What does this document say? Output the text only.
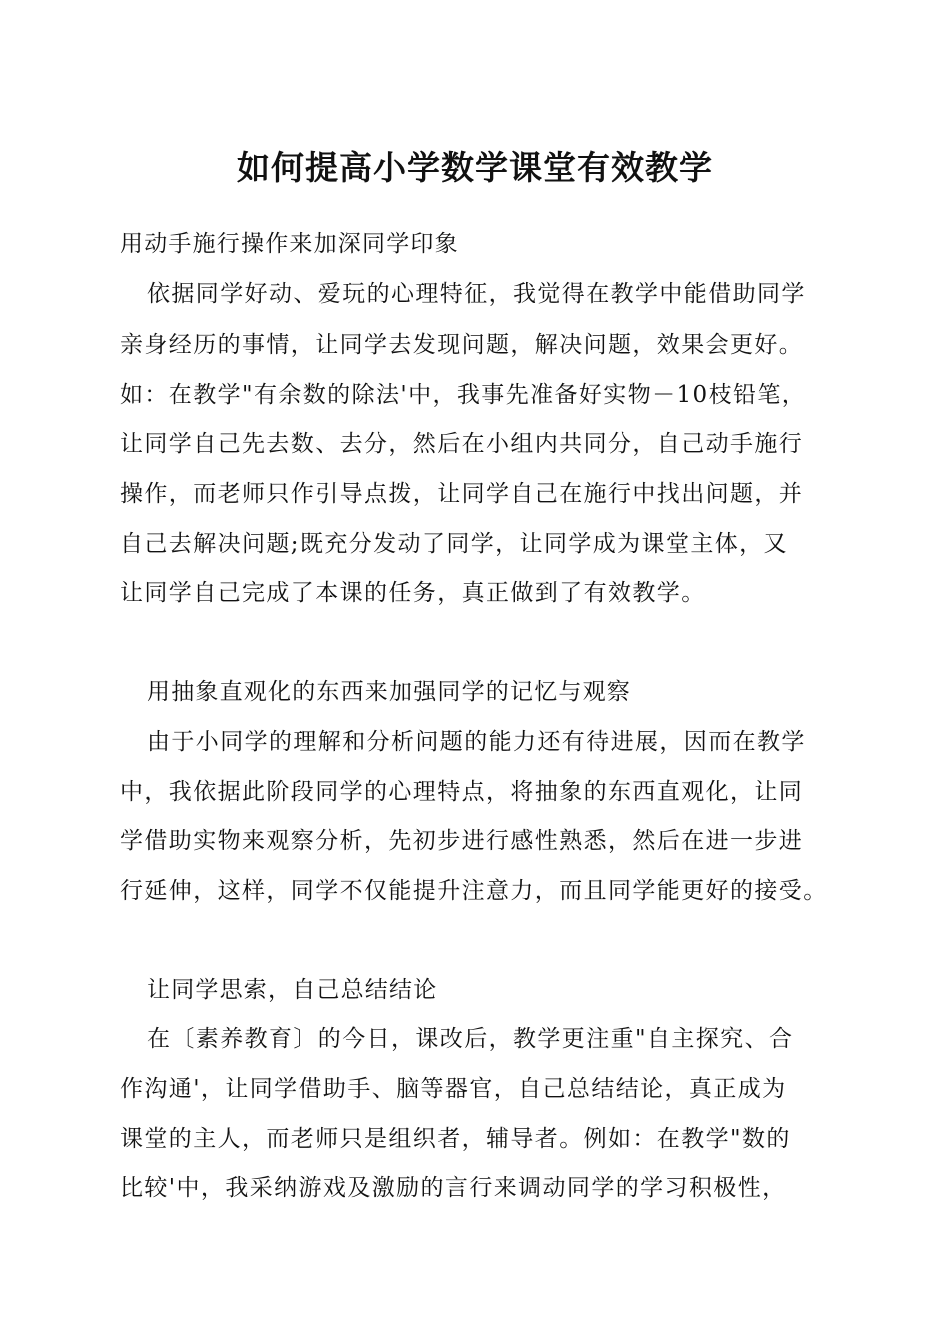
如何提高小学数学课堂有效教学
用动手施行操作来加深同学印象
依据同学好动、爱玩的心理特征，我觉得在教学中能借助同学
亲身经历的事情，让同学去发现问题，解决问题，效果会更好。
如：在教学"有余数的除法'中，我事先准备好实物－10枝铅笔，
让同学自己先去数、去分，然后在小组内共同分，自己动手施行
操作，而老师只作引导点拨，让同学自己在施行中找出问题，并
自己去解决问题;既充分发动了同学，让同学成为课堂主体，又
让同学自己完成了本课的任务，真正做到了有效教学。
用抽象直观化的东西来加强同学的记忆与观察
由于小同学的理解和分析问题的能力还有待进展，因而在教学
中，我依据此阶段同学的心理特点，将抽象的东西直观化，让同
学借助实物来观察分析，先初步进行感性熟悉，然后在进一步进
行延伸，这样，同学不仅能提升注意力，而且同学能更好的接受。
让同学思索，自己总结结论
在〔素养教育〕的今日，课改后，教学更注重"自主探究、合
作沟通'，让同学借助手、脑等器官，自己总结结论，真正成为
课堂的主人，而老师只是组织者，辅导者。例如：在教学"数的
比较'中，我采纳游戏及激励的言行来调动同学的学习积极性，
